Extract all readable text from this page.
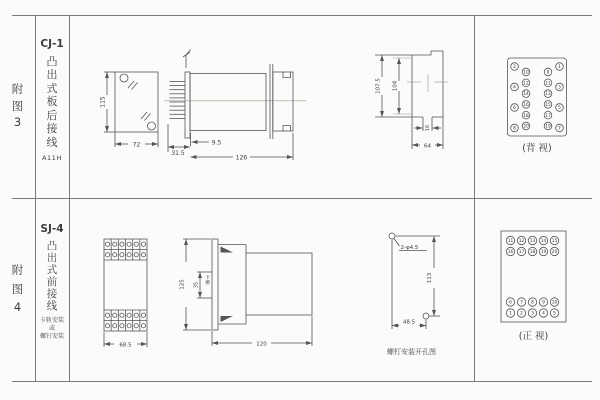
115
72	9.5
31.5
126
107.5 104
16
64
2
4
6
8
10
12
14
16
18
20
9
11
13
15
17
19
1
3
5
7
(背 视)
68.5
125 35
卡槽
120
2-φ4.5
113
48.5
螺钉安装开孔图
11 12 13 14 15
16 17 18 19 20
6 7 8 9 10
1 2 3 4 5
(正 视)
附
图
3
附
图
4
CJ-1
凸
出
式
板
后
接
线
A11H
SJ-4
凸
出
式
前
接
线
卡轨安装
或
螺钉安装
